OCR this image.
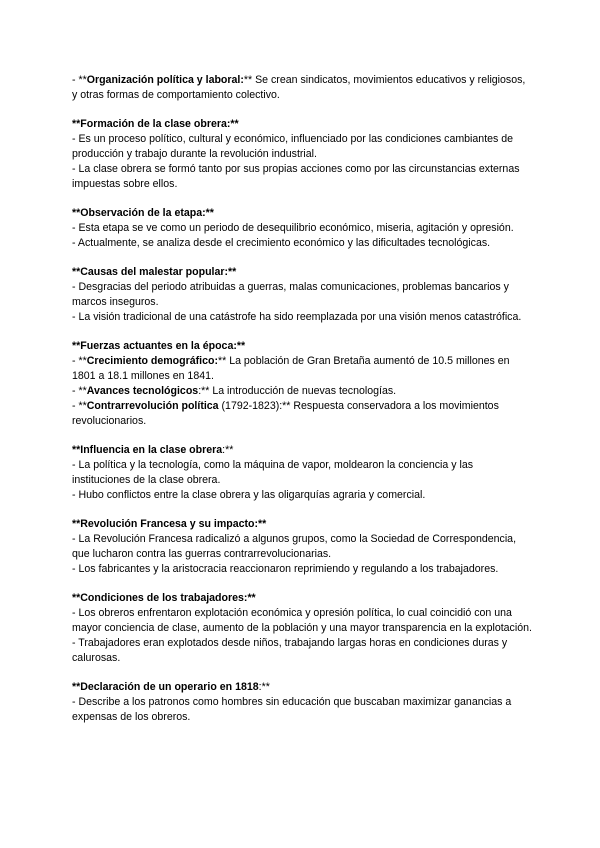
- **Organización política y laboral:** Se crean sindicatos, movimientos educativos y religiosos, y otras formas de comportamiento colectivo.

**Formación de la clase obrera:**

- Es un proceso político, cultural y económico, influenciado por las condiciones cambiantes de producción y trabajo durante la revolución industrial.

- La clase obrera se formó tanto por sus propias acciones como por las circunstancias externas impuestas sobre ellos.

**Observación de la etapa:**

- Esta etapa se ve como un periodo de desequilibrio económico, miseria, agitación y opresión.

- Actualmente, se analiza desde el crecimiento económico y las dificultades tecnológicas.

**Causas del malestar popular:**

- Desgracias del periodo atribuidas a guerras, malas comunicaciones, problemas bancarios y marcos inseguros.

- La visión tradicional de una catástrofe ha sido reemplazada por una visión menos catastrófica.

**Fuerzas actuantes en la época:**

- **Crecimiento demográfico:** La población de Gran Bretaña aumentó de 10.5 millones en 1801 a 18.1 millones en 1841.

- **Avances tecnológicos:** La introducción de nuevas tecnologías.

- **Contrarrevolución política (1792-1823):** Respuesta conservadora a los movimientos revolucionarios.

**Influencia en la clase obrera:**

- La política y la tecnología, como la máquina de vapor, moldearon la conciencia y las instituciones de la clase obrera.

- Hubo conflictos entre la clase obrera y las oligarquías agraria y comercial.

**Revolución Francesa y su impacto:**

- La Revolución Francesa radicalizó a algunos grupos, como la Sociedad de Correspondencia, que lucharon contra las guerras contrarrevolucionarias.

- Los fabricantes y la aristocracia reaccionaron reprimiendo y regulando a los trabajadores.

**Condiciones de los trabajadores:**

- Los obreros enfrentaron explotación económica y opresión política, lo cual coincidió con una mayor conciencia de clase, aumento de la población y una mayor transparencia en la explotación.

- Trabajadores eran explotados desde niños, trabajando largas horas en condiciones duras y calurosas.

**Declaración de un operario en 1818:**

- Describe a los patronos como hombres sin educación que buscaban maximizar ganancias a expensas de los obreros.
